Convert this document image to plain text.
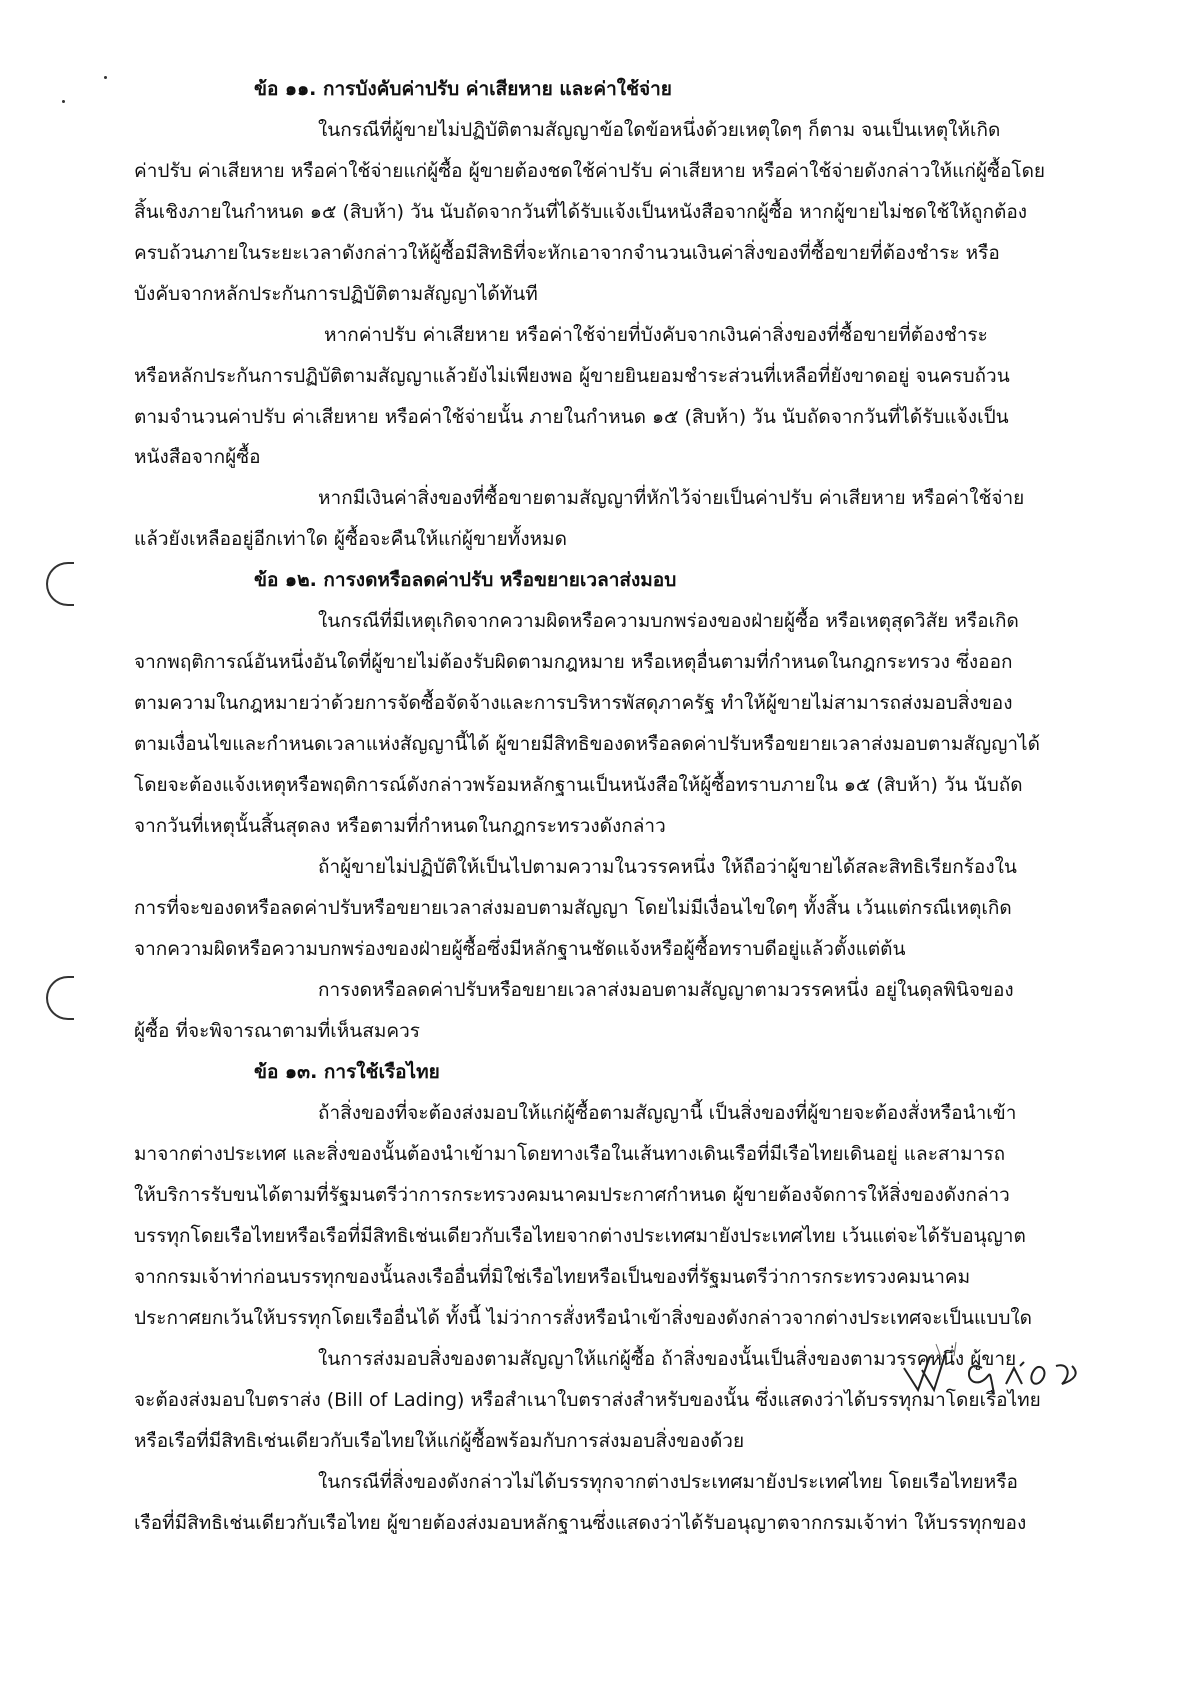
ข้อ ๑๑. การบังคับค่าปรับ ค่าเสียหาย และค่าใช้จ่าย
ในกรณีที่ผู้ขายไม่ปฏิบัติตามสัญญาข้อใดข้อหนึ่งด้วยเหตุใดๆ ก็ตาม จนเป็นเหตุให้เกิด
ค่าปรับ ค่าเสียหาย หรือค่าใช้จ่ายแก่ผู้ซื้อ ผู้ขายต้องชดใช้ค่าปรับ ค่าเสียหาย หรือค่าใช้จ่ายดังกล่าวให้แก่ผู้ซื้อโดย
สิ้นเชิงภายในกำหนด ๑๕ (สิบห้า) วัน นับถัดจากวันที่ได้รับแจ้งเป็นหนังสือจากผู้ซื้อ หากผู้ขายไม่ชดใช้ให้ถูกต้อง
ครบถ้วนภายในระยะเวลาดังกล่าวให้ผู้ซื้อมีสิทธิที่จะหักเอาจากจำนวนเงินค่าสิ่งของที่ซื้อขายที่ต้องชำระ หรือ
บังคับจากหลักประกันการปฏิบัติตามสัญญาได้ทันที
หากค่าปรับ ค่าเสียหาย หรือค่าใช้จ่ายที่บังคับจากเงินค่าสิ่งของที่ซื้อขายที่ต้องชำระ
หรือหลักประกันการปฏิบัติตามสัญญาแล้วยังไม่เพียงพอ ผู้ขายยินยอมชำระส่วนที่เหลือที่ยังขาดอยู่ จนครบถ้วน
ตามจำนวนค่าปรับ ค่าเสียหาย หรือค่าใช้จ่ายนั้น ภายในกำหนด ๑๕ (สิบห้า) วัน นับถัดจากวันที่ได้รับแจ้งเป็น
หนังสือจากผู้ซื้อ
หากมีเงินค่าสิ่งของที่ซื้อขายตามสัญญาที่หักไว้จ่ายเป็นค่าปรับ ค่าเสียหาย หรือค่าใช้จ่าย
แล้วยังเหลืออยู่อีกเท่าใด ผู้ซื้อจะคืนให้แก่ผู้ขายทั้งหมด
ข้อ ๑๒. การงดหรือลดค่าปรับ หรือขยายเวลาส่งมอบ
ในกรณีที่มีเหตุเกิดจากความผิดหรือความบกพร่องของฝ่ายผู้ซื้อ หรือเหตุสุดวิสัย หรือเกิด
จากพฤติการณ์อันหนึ่งอันใดที่ผู้ขายไม่ต้องรับผิดตามกฎหมาย หรือเหตุอื่นตามที่กำหนดในกฎกระทรวง ซึ่งออก
ตามความในกฎหมายว่าด้วยการจัดซื้อจัดจ้างและการบริหารพัสดุภาครัฐ ทำให้ผู้ขายไม่สามารถส่งมอบสิ่งของ
ตามเงื่อนไขและกำหนดเวลาแห่งสัญญานี้ได้ ผู้ขายมีสิทธิของดหรือลดค่าปรับหรือขยายเวลาส่งมอบตามสัญญาได้
โดยจะต้องแจ้งเหตุหรือพฤติการณ์ดังกล่าวพร้อมหลักฐานเป็นหนังสือให้ผู้ซื้อทราบภายใน ๑๕ (สิบห้า) วัน นับถัด
จากวันที่เหตุนั้นสิ้นสุดลง หรือตามที่กำหนดในกฎกระทรวงดังกล่าว
ถ้าผู้ขายไม่ปฏิบัติให้เป็นไปตามความในวรรคหนึ่ง ให้ถือว่าผู้ขายได้สละสิทธิเรียกร้องใน
การที่จะของดหรือลดค่าปรับหรือขยายเวลาส่งมอบตามสัญญา โดยไม่มีเงื่อนไขใดๆ ทั้งสิ้น เว้นแต่กรณีเหตุเกิด
จากความผิดหรือความบกพร่องของฝ่ายผู้ซื้อซึ่งมีหลักฐานชัดแจ้งหรือผู้ซื้อทราบดีอยู่แล้วตั้งแต่ต้น
การงดหรือลดค่าปรับหรือขยายเวลาส่งมอบตามสัญญาตามวรรคหนึ่ง อยู่ในดุลพินิจของ
ผู้ซื้อ ที่จะพิจารณาตามที่เห็นสมควร
ข้อ ๑๓. การใช้เรือไทย
ถ้าสิ่งของที่จะต้องส่งมอบให้แก่ผู้ซื้อตามสัญญานี้ เป็นสิ่งของที่ผู้ขายจะต้องสั่งหรือนำเข้า
มาจากต่างประเทศ และสิ่งของนั้นต้องนำเข้ามาโดยทางเรือในเส้นทางเดินเรือที่มีเรือไทยเดินอยู่ และสามารถ
ให้บริการรับขนได้ตามที่รัฐมนตรีว่าการกระทรวงคมนาคมประกาศกำหนด ผู้ขายต้องจัดการให้สิ่งของดังกล่าว
บรรทุกโดยเรือไทยหรือเรือที่มีสิทธิเช่นเดียวกับเรือไทยจากต่างประเทศมายังประเทศไทย เว้นแต่จะได้รับอนุญาต
จากกรมเจ้าท่าก่อนบรรทุกของนั้นลงเรืออื่นที่มิใช่เรือไทยหรือเป็นของที่รัฐมนตรีว่าการกระทรวงคมนาคม
ประกาศยกเว้นให้บรรทุกโดยเรืออื่นได้ ทั้งนี้ ไม่ว่าการสั่งหรือนำเข้าสิ่งของดังกล่าวจากต่างประเทศจะเป็นแบบใด
ในการส่งมอบสิ่งของตามสัญญาให้แก่ผู้ซื้อ ถ้าสิ่งของนั้นเป็นสิ่งของตามวรรคหนึ่ง ผู้ขาย
จะต้องส่งมอบใบตราส่ง (Bill of Lading) หรือสำเนาใบตราส่งสำหรับของนั้น ซึ่งแสดงว่าได้บรรทุกมาโดยเรือไทย
หรือเรือที่มีสิทธิเช่นเดียวกับเรือไทยให้แก่ผู้ซื้อพร้อมกับการส่งมอบสิ่งของด้วย
ในกรณีที่สิ่งของดังกล่าวไม่ได้บรรทุกจากต่างประเทศมายังประเทศไทย โดยเรือไทยหรือ
เรือที่มีสิทธิเช่นเดียวกับเรือไทย ผู้ขายต้องส่งมอบหลักฐานซึ่งแสดงว่าได้รับอนุญาตจากกรมเจ้าท่า ให้บรรทุกของ
